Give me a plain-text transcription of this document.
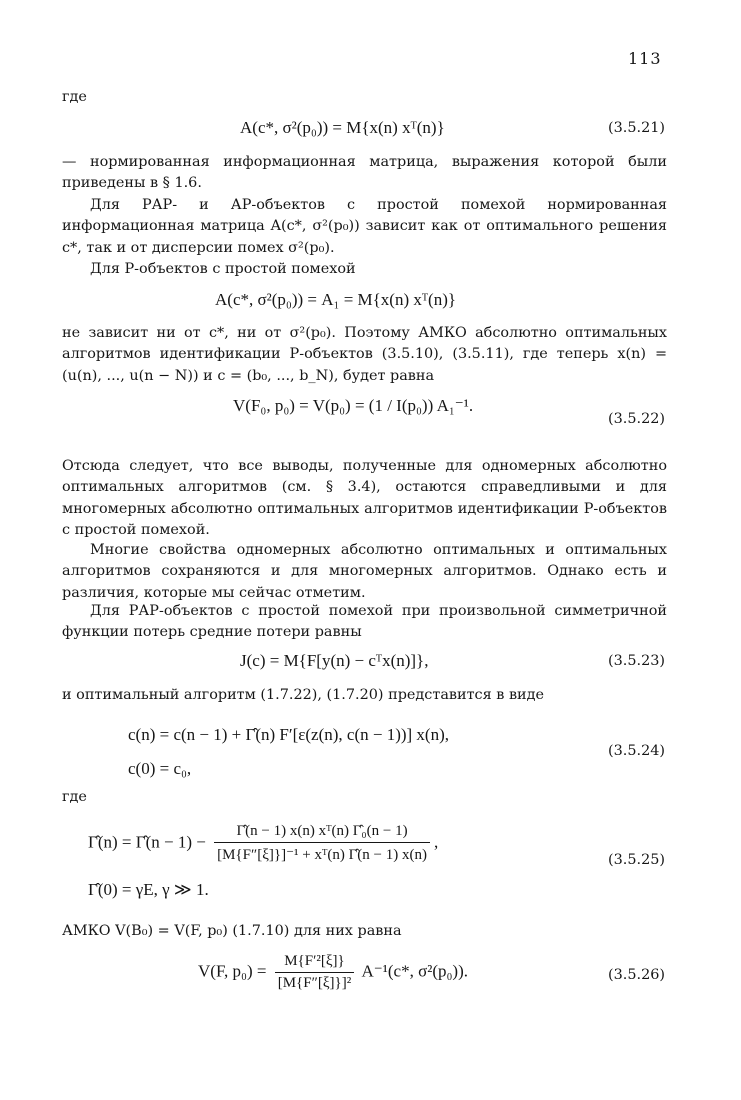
113
где
A(c*, σ²(p₀)) = M{x(n) xᵀ(n)}	(3.5.21)
— нормированная информационная матрица, выражения которой были приведены в § 1.6.
Для РАР- и АР-объектов с простой помехой нормированная информационная матрица A(c*, σ²(p₀)) зависит как от оптимального решения c*, так и от дисперсии помех σ²(p₀).
Для Р-объектов с простой помехой
A(c*, σ²(p₀)) = A₁ = M{x(n) xᵀ(n)}
не зависит ни от c*, ни от σ²(p₀). Поэтому АМКО абсолютно оптимальных алгоритмов идентификации Р-объектов (3.5.10), (3.5.11), где теперь x(n) = (u(n), ..., u(n − N)) и c = (b₀, ..., b_N), будет равна
V(F₀, p₀) = V(p₀) = (1 / I(p₀)) A₁⁻¹.
(3.5.22)
Отсюда следует, что все выводы, полученные для одномерных абсолютно оптимальных алгоритмов (см. § 3.4), остаются справедливыми и для многомерных абсолютно оптимальных алгоритмов идентификации Р-объектов с простой помехой.
Многие свойства одномерных абсолютно оптимальных и оптимальных алгоритмов сохраняются и для многомерных алгоритмов. Однако есть и различия, которые мы сейчас отметим.
Для РАР-объектов с простой помехой при произвольной симметричной функции потерь средние потери равны
J(c) = M{F[y(n) − cᵀx(n)]},	(3.5.23)
и оптимальный алгоритм (1.7.22), (1.7.20) представится в виде
c(n) = c(n − 1) + Γ̂(n) F′[ε(z(n), c(n − 1))] x(n),
c(0) = c₀,
(3.5.24)
где
Γ̂(n) = Γ̂(n − $1) - \frac{\text{Γ̂(n − 1) x(n) xᵀ(n) Γ̂₀(n − 1)}}{\text{[M\{F″[ξ]\}]⁻¹ + xᵀ(n) Γ̂(n − 1) x(n)}}$ ,
Γ̂(0) = γE, γ ≫ 1.
(3.5.25)
АМКО V(B₀) = V(F, p₀) (1.7.10) для них равна
V(F, $p_0) = \frac{\text{M\{F′²[ξ]\}}}{\text{[M\{F″[ξ]\}]²}} A^{-1}(c*$, σ²(p₀)).	(3.5.26)
